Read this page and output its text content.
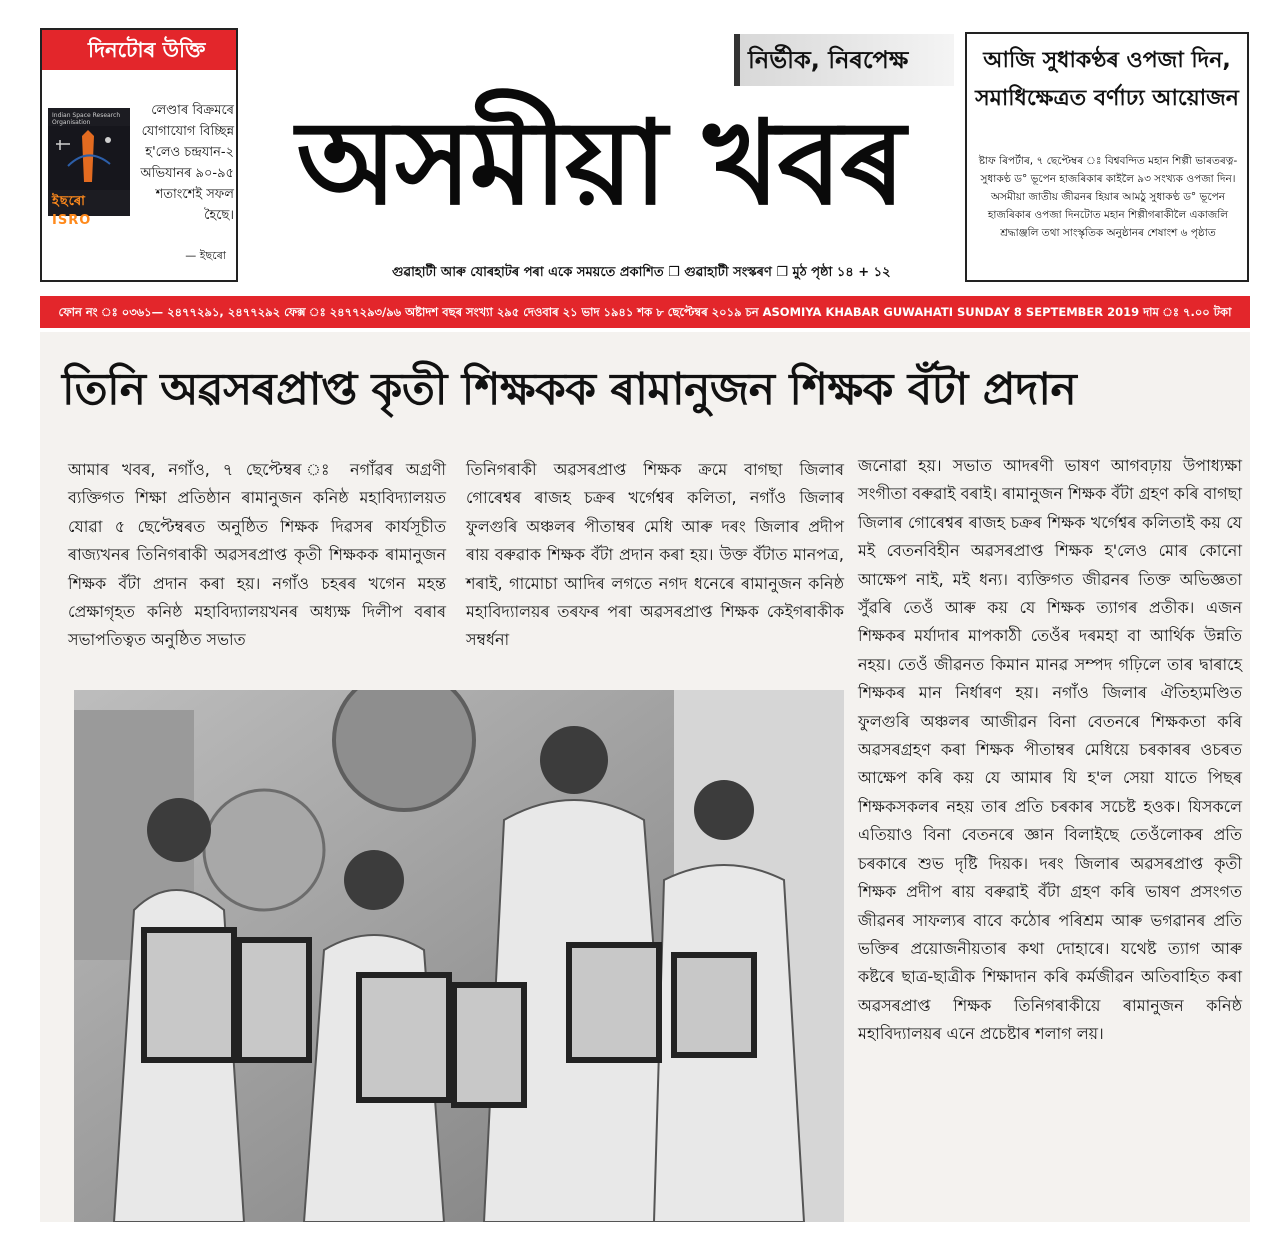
দিনটোৰ উক্তি
Indian Space Research Organisation
ইছৰো ISRO
লেণ্ডাৰ বিক্ৰমৰে যোগাযোগ বিচ্ছিন্ন হ'লেও চন্দ্ৰযান-২ অভিযানৰ ৯০-৯৫ শতাংশেই সফল হৈছে।
— ইছৰো
নিৰ্ভীক, নিৰপেক্ষ
অসমীয়া খবৰ
গুৱাহাটী আৰু যোৰহাটৰ পৰা একে সময়তে প্ৰকাশিত ❒ গুৱাহাটী সংস্কৰণ ❒ মুঠ পৃষ্ঠা ১৪ + ১২
আজি সুধাকণ্ঠৰ ওপজা দিন, সমাধিক্ষেত্ৰত বৰ্ণাঢ্য আয়োজন
ষ্টাফ ৰিপৰ্টাৰ, ৭ ছেপ্টেম্বৰ ঃ বিশ্ববন্দিত মহান শিল্পী ভাৰতৰত্ন-সুধাকণ্ঠ ড° ভূপেন হাজৰিকাৰ কাইলৈ ৯৩ সংখ্যক ওপজা দিন। অসমীয়া জাতীয় জীৱনৰ হিয়াৰ আমঠু সুধাকণ্ঠ ড° ভূপেন হাজৰিকাৰ ওপজা দিনটোত মহান শিল্পীগৰাকীলৈ একাজলি শ্ৰদ্ধাঞ্জলি তথা সাংস্কৃতিক অনুষ্ঠানৰ শেষাংশ ৬ পৃষ্ঠাত
ফোন নং ঃ ০৩৬১— ২৪৭৭২৯১, ২৪৭৭২৯২ ফেক্স ঃ ২৪৭৭২৯৩/৯৬ অষ্টাদশ বছৰ সংখ্যা ২৯৫ দেওবাৰ ২১ ভাদ ১৯৪১ শক ৮ ছেপ্টেম্বৰ ২০১৯ চন ASOMIYA KHABAR GUWAHATI SUNDAY 8 SEPTEMBER 2019 দাম ঃ ৭.০০ টকা
তিনি অৱসৰপ্ৰাপ্ত কৃতী শিক্ষকক ৰামানুজন শিক্ষক বঁটা প্ৰদান

আমাৰ খবৰ, নগাঁও, ৭ ছেপ্টেম্বৰ ঃ নগাঁৱৰ অগ্ৰণী ব্যক্তিগত শিক্ষা প্ৰতিষ্ঠান ৰামানুজন কনিষ্ঠ মহাবিদ্যালয়ত যোৱা ৫ ছেপ্টেম্বৰত অনুষ্ঠিত শিক্ষক দিৱসৰ কাৰ্যসূচীত ৰাজ্যখনৰ তিনিগৰাকী অৱসৰপ্ৰাপ্ত কৃতী শিক্ষকক ৰামানুজন শিক্ষক বঁটা প্ৰদান কৰা হয়। নগাঁও চহৰৰ খগেন মহন্ত প্ৰেক্ষাগৃহত কনিষ্ঠ মহাবিদ্যালয়খনৰ অধ্যক্ষ দিলীপ বৰাৰ সভাপতিত্বত অনুষ্ঠিত সভাত

তিনিগৰাকী অৱসৰপ্ৰাপ্ত শিক্ষক ক্ৰমে বাগছা জিলাৰ গোৰেশ্বৰ ৰাজহ চক্ৰৰ খৰ্গেশ্বৰ কলিতা, নগাঁও জিলাৰ ফুলগুৰি অঞ্চলৰ পীতাম্বৰ মেধি আৰু দৰং জিলাৰ প্ৰদীপ ৰায় বৰুৱাক শিক্ষক বঁটা প্ৰদান কৰা হয়। উক্ত বঁটাত মানপত্ৰ, শৰাই, গামোচা আদিৰ লগতে নগদ ধনেৰে ৰামানুজন কনিষ্ঠ মহাবিদ্যালয়ৰ তৰফৰ পৰা অৱসৰপ্ৰাপ্ত শিক্ষক কেইগৰাকীক সম্বৰ্ধনা

জনোৱা হয়। সভাত আদৰণী ভাষণ আগবঢ়ায় উপাধ্যক্ষা সংগীতা বৰুৱাই বৰাই। ৰামানুজন শিক্ষক বঁটা গ্ৰহণ কৰি বাগছা জিলাৰ গোৰেশ্বৰ ৰাজহ চক্ৰৰ শিক্ষক খৰ্গেশ্বৰ কলিতাই কয় যে মই বেতনবিহীন অৱসৰপ্ৰাপ্ত শিক্ষক হ'লেও মোৰ কোনো আক্ষেপ নাই, মই ধন্য। ব্যক্তিগত জীৱনৰ তিক্ত অভিজ্ঞতা সুঁৱৰি তেওঁ আৰু কয় যে শিক্ষক ত্যাগৰ প্ৰতীক। এজন শিক্ষকৰ মৰ্যাদাৰ মাপকাঠী তেওঁৰ দৰমহা বা আৰ্থিক উন্নতি নহয়। তেওঁ জীৱনত কিমান মানৱ সম্পদ গঢ়িলে তাৰ দ্বাৰাহে শিক্ষকৰ মান নিৰ্ধাৰণ হয়। নগাঁও জিলাৰ ঐতিহ্যমণ্ডিত ফুলগুৰি অঞ্চলৰ আজীৱন বিনা বেতনৰে শিক্ষকতা কৰি অৱসৰগ্ৰহণ কৰা শিক্ষক পীতাম্বৰ মেধিয়ে চৰকাৰৰ ওচৰত আক্ষেপ কৰি কয় যে আমাৰ যি হ'ল সেয়া যাতে পিছৰ শিক্ষকসকলৰ নহয় তাৰ প্ৰতি চৰকাৰ সচেষ্ট হওক। যিসকলে এতিয়াও বিনা বেতনৰে জ্ঞান বিলাইছে তেওঁলোকৰ প্ৰতি চৰকাৰে শুভ দৃষ্টি দিয়ক। দৰং জিলাৰ অৱসৰপ্ৰাপ্ত কৃতী শিক্ষক প্ৰদীপ ৰায় বৰুৱাই বঁটা গ্ৰহণ কৰি ভাষণ প্ৰসংগত জীৱনৰ সাফল্যৰ বাবে কঠোৰ পৰিশ্ৰম আৰু ভগৱানৰ প্ৰতি ভক্তিৰ প্ৰয়োজনীয়তাৰ কথা দোহাৰে। যথেষ্ট ত্যাগ আৰু কষ্টৰে ছাত্ৰ-ছাত্ৰীক শিক্ষাদান কৰি কৰ্মজীৱন অতিবাহিত কৰা অৱসৰপ্ৰাপ্ত শিক্ষক তিনিগৰাকীয়ে ৰামানুজন কনিষ্ঠ মহাবিদ্যালয়ৰ এনে প্ৰচেষ্টাৰ শলাগ লয়।
